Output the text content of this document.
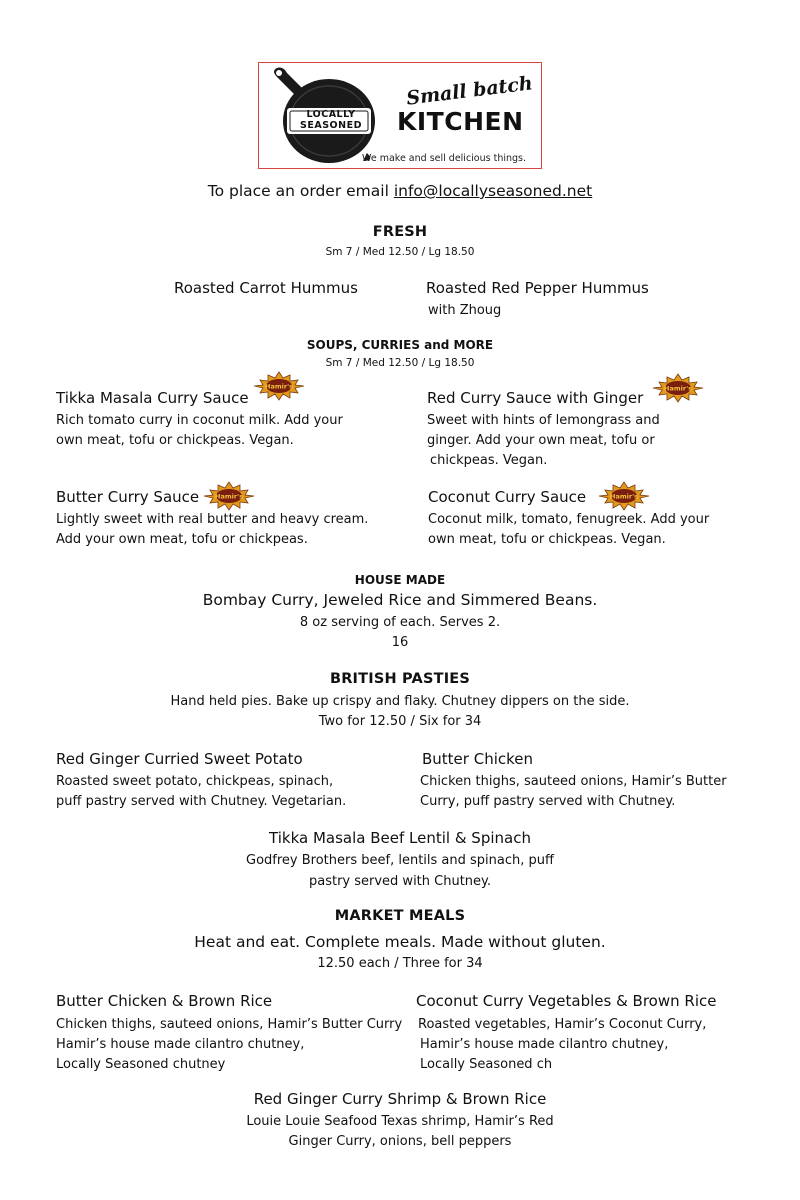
LOCALLY
SEASONED
Small batch
KITCHEN
We make and sell delicious things.
To place an order email info@locallyseasoned.net
FRESH
Sm 7 / Med 12.50 / Lg 18.50
Roasted Carrot Hummus	Roasted Red Pepper Hummus
with Zhoug
SOUPS, CURRIES and MORE
Sm 7 / Med 12.50 / Lg 18.50
Tikka Masala Curry Sauce
Hamir's
Rich tomato curry in coconut milk. Add your
own meat, tofu or chickpeas. Vegan.
Red Curry Sauce with Ginger
Hamir's
Sweet with hints of lemongrass and
ginger. Add your own meat, tofu or
chickpeas. Vegan.
Butter Curry Sauce Hamir's
Lightly sweet with real butter and heavy cream.
Add your own meat, tofu or chickpeas.
Coconut Curry Sauce	Hamir's
Coconut milk, tomato, fenugreek. Add your
own meat, tofu or chickpeas. Vegan.
HOUSE MADE
Bombay Curry, Jeweled Rice and Simmered Beans.
8 oz serving of each. Serves 2.
16
BRITISH PASTIES
Hand held pies. Bake up crispy and flaky. Chutney dippers on the side.
Two for 12.50 / Six for 34
Red Ginger Curried Sweet Potato
Roasted sweet potato, chickpeas, spinach,
puff pastry served with Chutney. Vegetarian.
Butter Chicken
Chicken thighs, sauteed onions, Hamir’s Butter
Curry, puff pastry served with Chutney.
Tikka Masala Beef Lentil & Spinach
Godfrey Brothers beef, lentils and spinach, puff
pastry served with Chutney.
MARKET MEALS
Heat and eat. Complete meals. Made without gluten.
12.50 each / Three for 34
Butter Chicken & Brown Rice
Chicken thighs, sauteed onions, Hamir’s Butter Curry
Hamir’s house made cilantro chutney,
Locally Seasoned chutney
Coconut Curry Vegetables & Brown Rice
Roasted vegetables, Hamir’s Coconut Curry,
Hamir’s house made cilantro chutney,
Locally Seasoned ch
Red Ginger Curry Shrimp & Brown Rice
Louie Louie Seafood Texas shrimp, Hamir’s Red
Ginger Curry, onions, bell peppers
